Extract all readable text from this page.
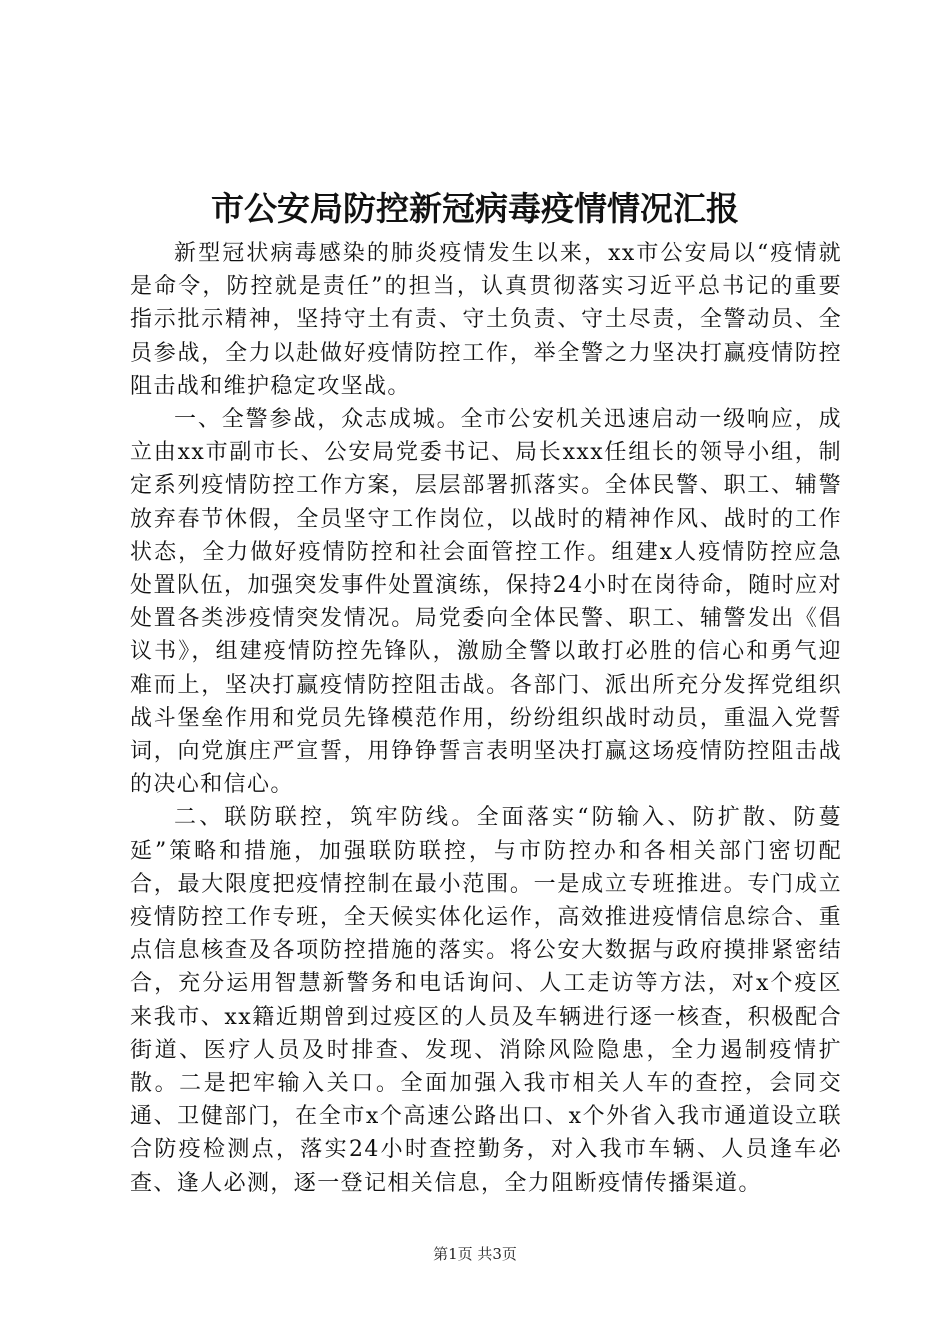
市公安局防控新冠病毒疫情情况汇报

新型冠状病毒感染的肺炎疫情发生以来，xx市公安局以“疫情就是命令，防控就是责任”的担当，认真贯彻落实习近平总书记的重要指示批示精神，坚持守土有责、守土负责、守土尽责，全警动员、全员参战，全力以赴做好疫情防控工作，举全警之力坚决打赢疫情防控阻击战和维护稳定攻坚战。

一、全警参战，众志成城。全市公安机关迅速启动一级响应，成立由xx市副市长、公安局党委书记、局长xxx任组长的领导小组，制定系列疫情防控工作方案，层层部署抓落实。全体民警、职工、辅警放弃春节休假，全员坚守工作岗位，以战时的精神作风、战时的工作状态，全力做好疫情防控和社会面管控工作。组建x人疫情防控应急处置队伍，加强突发事件处置演练，保持24小时在岗待命，随时应对处置各类涉疫情突发情况。局党委向全体民警、职工、辅警发出《倡议书》，组建疫情防控先锋队，激励全警以敢打必胜的信心和勇气迎难而上，坚决打赢疫情防控阻击战。各部门、派出所充分发挥党组织战斗堡垒作用和党员先锋模范作用，纷纷组织战时动员，重温入党誓词，向党旗庄严宣誓，用铮铮誓言表明坚决打赢这场疫情防控阻击战的决心和信心。

二、联防联控，筑牢防线。全面落实“防输入、防扩散、防蔓延”策略和措施，加强联防联控，与市防控办和各相关部门密切配合，最大限度把疫情控制在最小范围。一是成立专班推进。专门成立疫情防控工作专班，全天候实体化运作，高效推进疫情信息综合、重点信息核查及各项防控措施的落实。将公安大数据与政府摸排紧密结合，充分运用智慧新警务和电话询问、人工走访等方法，对x个疫区来我市、xx籍近期曾到过疫区的人员及车辆进行逐一核查，积极配合街道、医疗人员及时排查、发现、消除风险隐患，全力遏制疫情扩散。二是把牢输入关口。全面加强入我市相关人车的查控，会同交通、卫健部门，在全市x个高速公路出口、x个外省入我市通道设立联合防疫检测点，落实24小时查控勤务，对入我市车辆、人员逢车必查、逢人必测，逐一登记相关信息，全力阻断疫情传播渠道。

第1页 共3页
